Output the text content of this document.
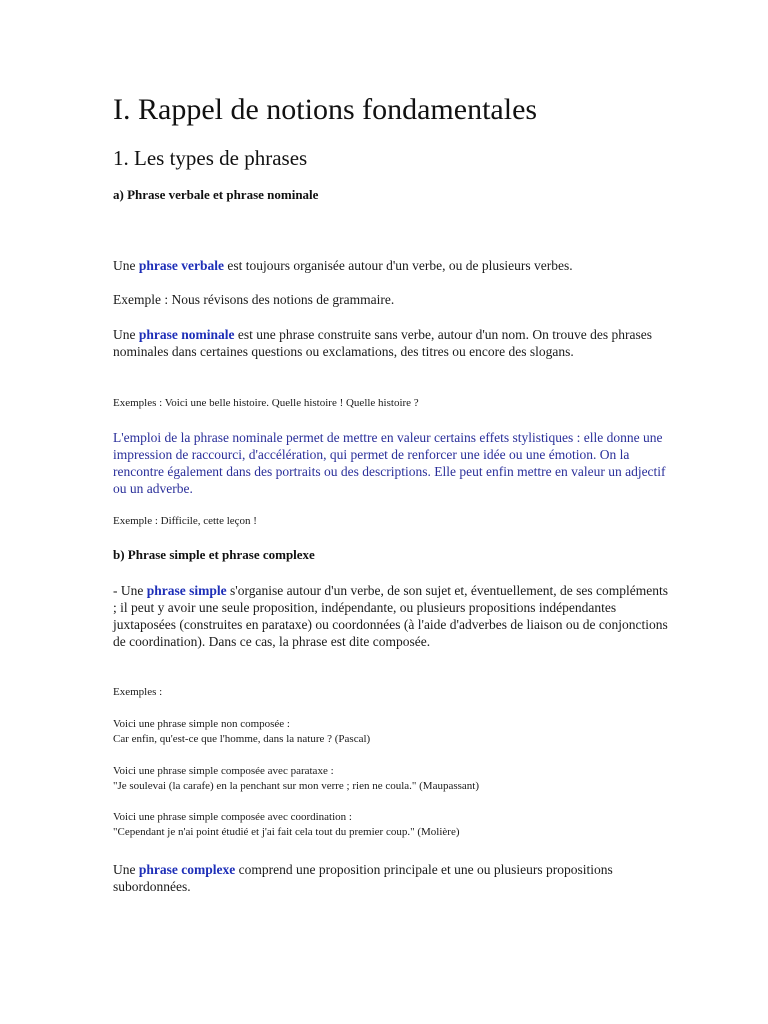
I. Rappel de notions fondamentales
1. Les types de phrases
a) Phrase verbale et phrase nominale

Une phrase verbale est toujours organisée autour d'un verbe, ou de plusieurs verbes.

Exemple : Nous révisons des notions de grammaire.

Une phrase nominale est une phrase construite sans verbe, autour d'un nom. On trouve des phrases nominales dans certaines questions ou exclamations, des titres ou encore des slogans.

Exemples : Voici une belle histoire. Quelle histoire ! Quelle histoire ?

L'emploi de la phrase nominale permet de mettre en valeur certains effets stylistiques : elle donne une impression de raccourci, d'accélération, qui permet de renforcer une idée ou une émotion. On la rencontre également dans des portraits ou des descriptions. Elle peut enfin mettre en valeur un adjectif ou un adverbe.

Exemple : Difficile, cette leçon !

b) Phrase simple et phrase complexe

- Une phrase simple s'organise autour d'un verbe, de son sujet et, éventuellement, de ses compléments ; il peut y avoir une seule proposition, indépendante, ou plusieurs propositions indépendantes juxtaposées (construites en parataxe) ou coordonnées (à l'aide d'adverbes de liaison ou de conjonctions de coordination). Dans ce cas, la phrase est dite composée.

Exemples :

Voici une phrase simple non composée :

Car enfin, qu'est-ce que l'homme, dans la nature ? (Pascal)

Voici une phrase simple composée avec parataxe :

"Je soulevai (la carafe) en la penchant sur mon verre ; rien ne coula." (Maupassant)

Voici une phrase simple composée avec coordination :

"Cependant je n'ai point étudié et j'ai fait cela tout du premier coup." (Molière)

Une phrase complexe comprend une proposition principale et une ou plusieurs propositions subordonnées.
